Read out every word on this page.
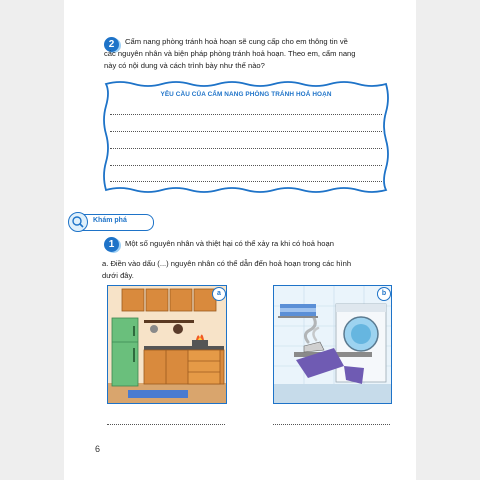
2	Cẩm nang phòng tránh hoả hoạn sẽ cung cấp cho em thông tin về
các nguyên nhân và biện pháp phòng tránh hoả hoạn. Theo em, cẩm nang
này có nội dung và cách trình bày như thế nào?
YÊU CẦU CỦA CẨM NANG PHÒNG TRÁNH HOẢ HOẠN
Khám phá
1	Một số nguyên nhân và thiệt hại có thể xảy ra khi có hoả hoạn
a. Điền vào dấu (...) nguyên nhân có thể dẫn đến hoả hoạn trong các hình
dưới đây.
a	b
6
